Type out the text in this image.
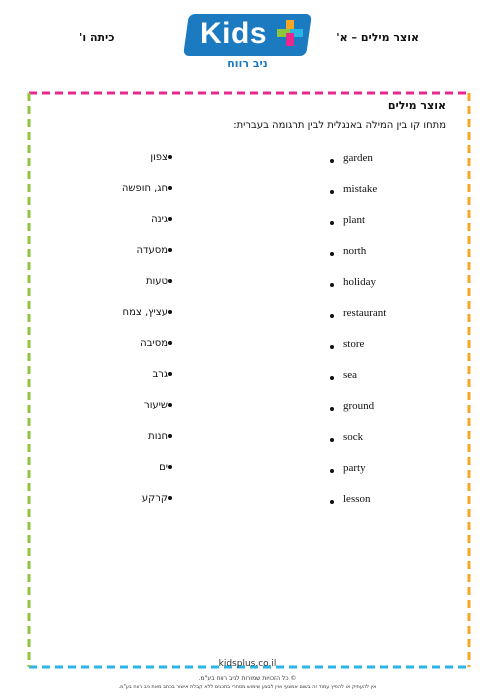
אוצר מילים – א'
כיתה ו'	Kids
ניב רווח
אוצר מילים
מתחו קו בין המילה באנגלית לבין תרגומה בעברית:
garden
mistake
plant
north
holiday
restaurant
store
sea
ground
sock
party
lesson
צפון
חג, חופשה
גינה
מסעדה
טעות
עציץ, צמח
מסיבה
גרב
שיעור
חנות
ים
קרקע
kidsplus.co.il
© כל הזכויות שמורות לניב רווח בע"מ.
אין להעתיק או להפיץ עמוד זה בשום אמצעי ואין לבצע שימוש מסחרי בתכנים ללא קבלת אישור בכתב מאת ניב רווח בע"מ.
